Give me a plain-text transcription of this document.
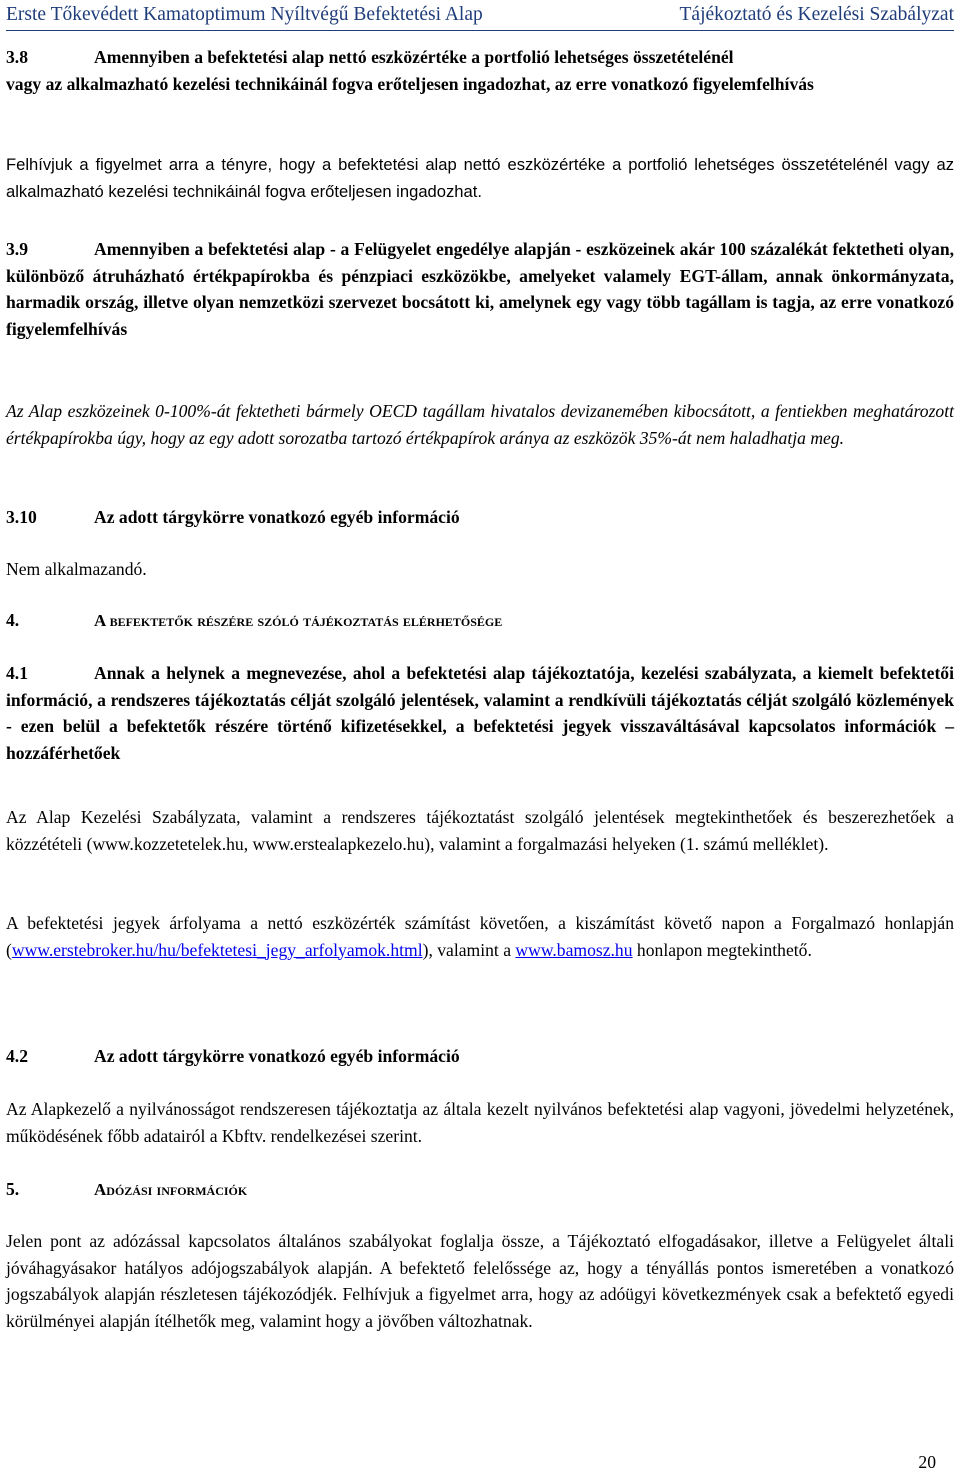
Erste Tőkevédett Kamatoptimum Nyíltvégű Befektetési Alap	Tájékoztató és Kezelési Szabályzat
3.8	Amennyiben a befektetési alap nettó eszközértéke a portfolió lehetséges összetételénél
vagy az alkalmazható kezelési technikáinál fogva erőteljesen ingadozhat, az erre vonatkozó figyelemfelhívás
Felhívjuk a figyelmet arra a tényre, hogy a befektetési alap nettó eszközértéke a portfolió lehetséges összetételénél vagy az alkalmazható kezelési technikáinál fogva erőteljesen ingadozhat.
3.9	Amennyiben a befektetési alap - a Felügyelet engedélye alapján - eszközeinek akár 100 százalékát fektetheti olyan, különböző átruházható értékpapírokba és pénzpiaci eszközökbe, amelyeket valamely EGT-állam, annak önkormányzata, harmadik ország, illetve olyan nemzetközi szervezet bocsátott ki, amelynek egy vagy több tagállam is tagja, az erre vonatkozó figyelemfelhívás
Az Alap eszközeinek 0-100%-át fektetheti bármely OECD tagállam hivatalos devizanemében kibocsátott, a fentiekben meghatározott értékpapírokba úgy, hogy az egy adott sorozatba tartozó értékpapírok aránya az eszközök 35%-át nem haladhatja meg.
3.10	Az adott tárgykörre vonatkozó egyéb információ
Nem alkalmazandó.
4.	A befektetők részére szóló tájékoztatás elérhetősége
4.1	Annak a helynek a megnevezése, ahol a befektetési alap tájékoztatója, kezelési szabályzata, a kiemelt befektetői információ, a rendszeres tájékoztatás célját szolgáló jelentések, valamint a rendkívüli tájékoztatás célját szolgáló közlemények - ezen belül a befektetők részére történő kifizetésekkel, a befektetési jegyek visszaváltásával kapcsolatos információk – hozzáférhetőek
Az Alap Kezelési Szabályzata, valamint a rendszeres tájékoztatást szolgáló jelentések megtekinthetőek és beszerezhetőek a közzétételi (www.kozzetetelek.hu, www.erstealapkezelo.hu), valamint a forgalmazási helyeken (1. számú melléklet).
A befektetési jegyek árfolyama a nettó eszközérték számítást követően, a kiszámítást követő napon a Forgalmazó honlapján (www.erstebroker.hu/hu/befektetesi_jegy_arfolyamok.html), valamint a www.bamosz.hu honlapon megtekinthető.
4.2	Az adott tárgykörre vonatkozó egyéb információ
Az Alapkezelő a nyilvánosságot rendszeresen tájékoztatja az általa kezelt nyilvános befektetési alap vagyoni, jövedelmi helyzetének, működésének főbb adatairól a Kbftv. rendelkezései szerint.
5.	Adózási információk
Jelen pont az adózással kapcsolatos általános szabályokat foglalja össze, a Tájékoztató elfogadásakor, illetve a Felügyelet általi jóváhagyásakor hatályos adójogszabályok alapján. A befektető felelőssége az, hogy a tényállás pontos ismeretében a vonatkozó jogszabályok alapján részletesen tájékozódjék. Felhívjuk a figyelmet arra, hogy az adóügyi következmények csak a befektető egyedi körülményei alapján ítélhetők meg, valamint hogy a jövőben változhatnak.
20
